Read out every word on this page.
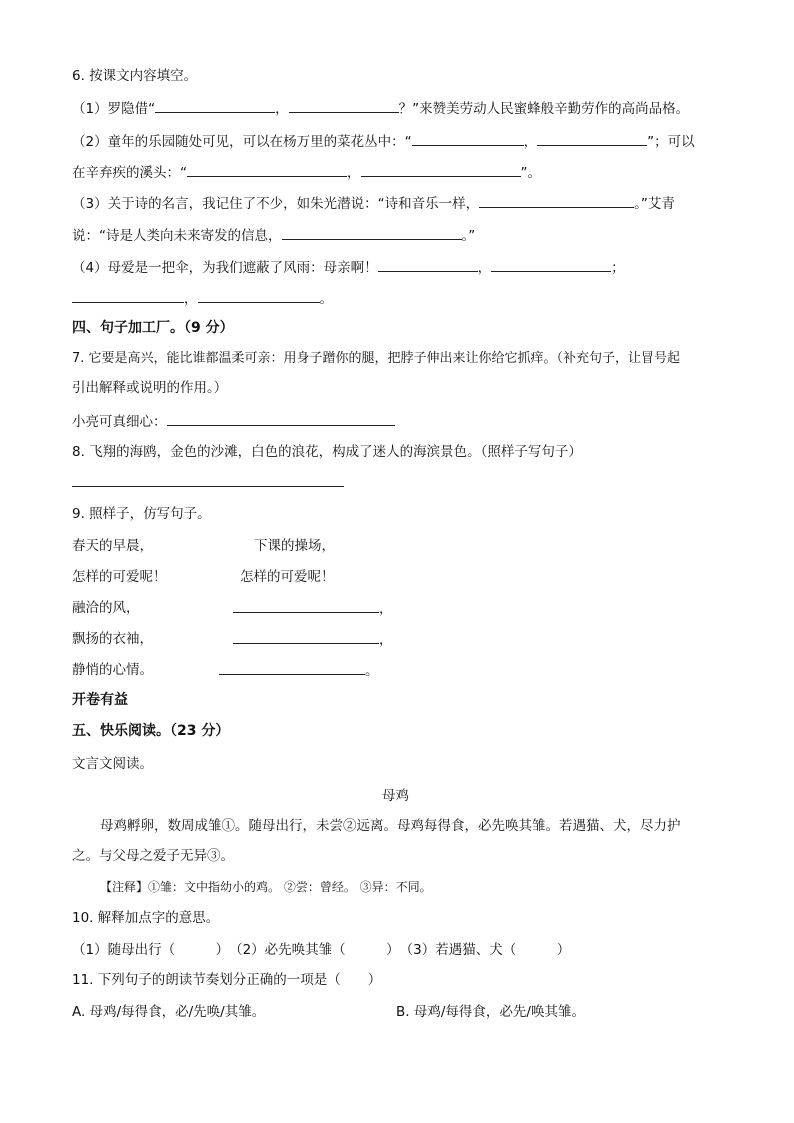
6. 按课文内容填空。
（1）罗隐借“	，	？”来赞美劳动人民蜜蜂般辛勤劳作的高尚品格。
（2）童年的乐园随处可见，可以在杨万里的菜花丛中：“	，	”；可以
在辛弃疾的溪头：“	，	”。
（3）关于诗的名言，我记住了不少，如朱光潜说：“诗和音乐一样，	。”艾青
说：“诗是人类向未来寄发的信息，	。”
（4）母爱是一把伞，为我们遮蔽了风雨：母亲啊！	，	；
，	。
四、句子加工厂。（9 分）
7. 它要是高兴，能比谁都温柔可亲：用身子蹭你的腿，把脖子伸出来让你给它抓痒。（补充句子，让冒号起
引出解释或说明的作用。）
小亮可真细心：
8. 飞翔的海鸥，金色的沙滩，白色的浪花，构成了迷人的海滨景色。（照样子写句子）
9. 照样子，仿写句子。
春天的早晨，	下课的操场，
怎样的可爱呢！	怎样的可爱呢！
融洽的风，	，
飘扬的衣袖，	，
静悄的心情。	。
开卷有益
五、快乐阅读。（23 分）
文言文阅读。
母鸡
母鸡孵卵，数周成雏①。随母出行，未尝②远离。母鸡每得食，必先唤其雏。若遇猫、犬，尽力护
之。与父母之爱子无异③。
【注释】①雏：文中指幼小的鸡。 ②尝：曾经。 ③异：不同。
10. 解释加点字的意思。
（1）随母出行（　　　）　（2）必先唤其雏（　　　）　（3）若遇猫、犬（　　　）
11. 下列句子的朗读节奏划分正确的一项是（　　）
A. 母鸡/每得食，必/先唤/其雏。	B. 母鸡/每得食，必先/唤其雏。
